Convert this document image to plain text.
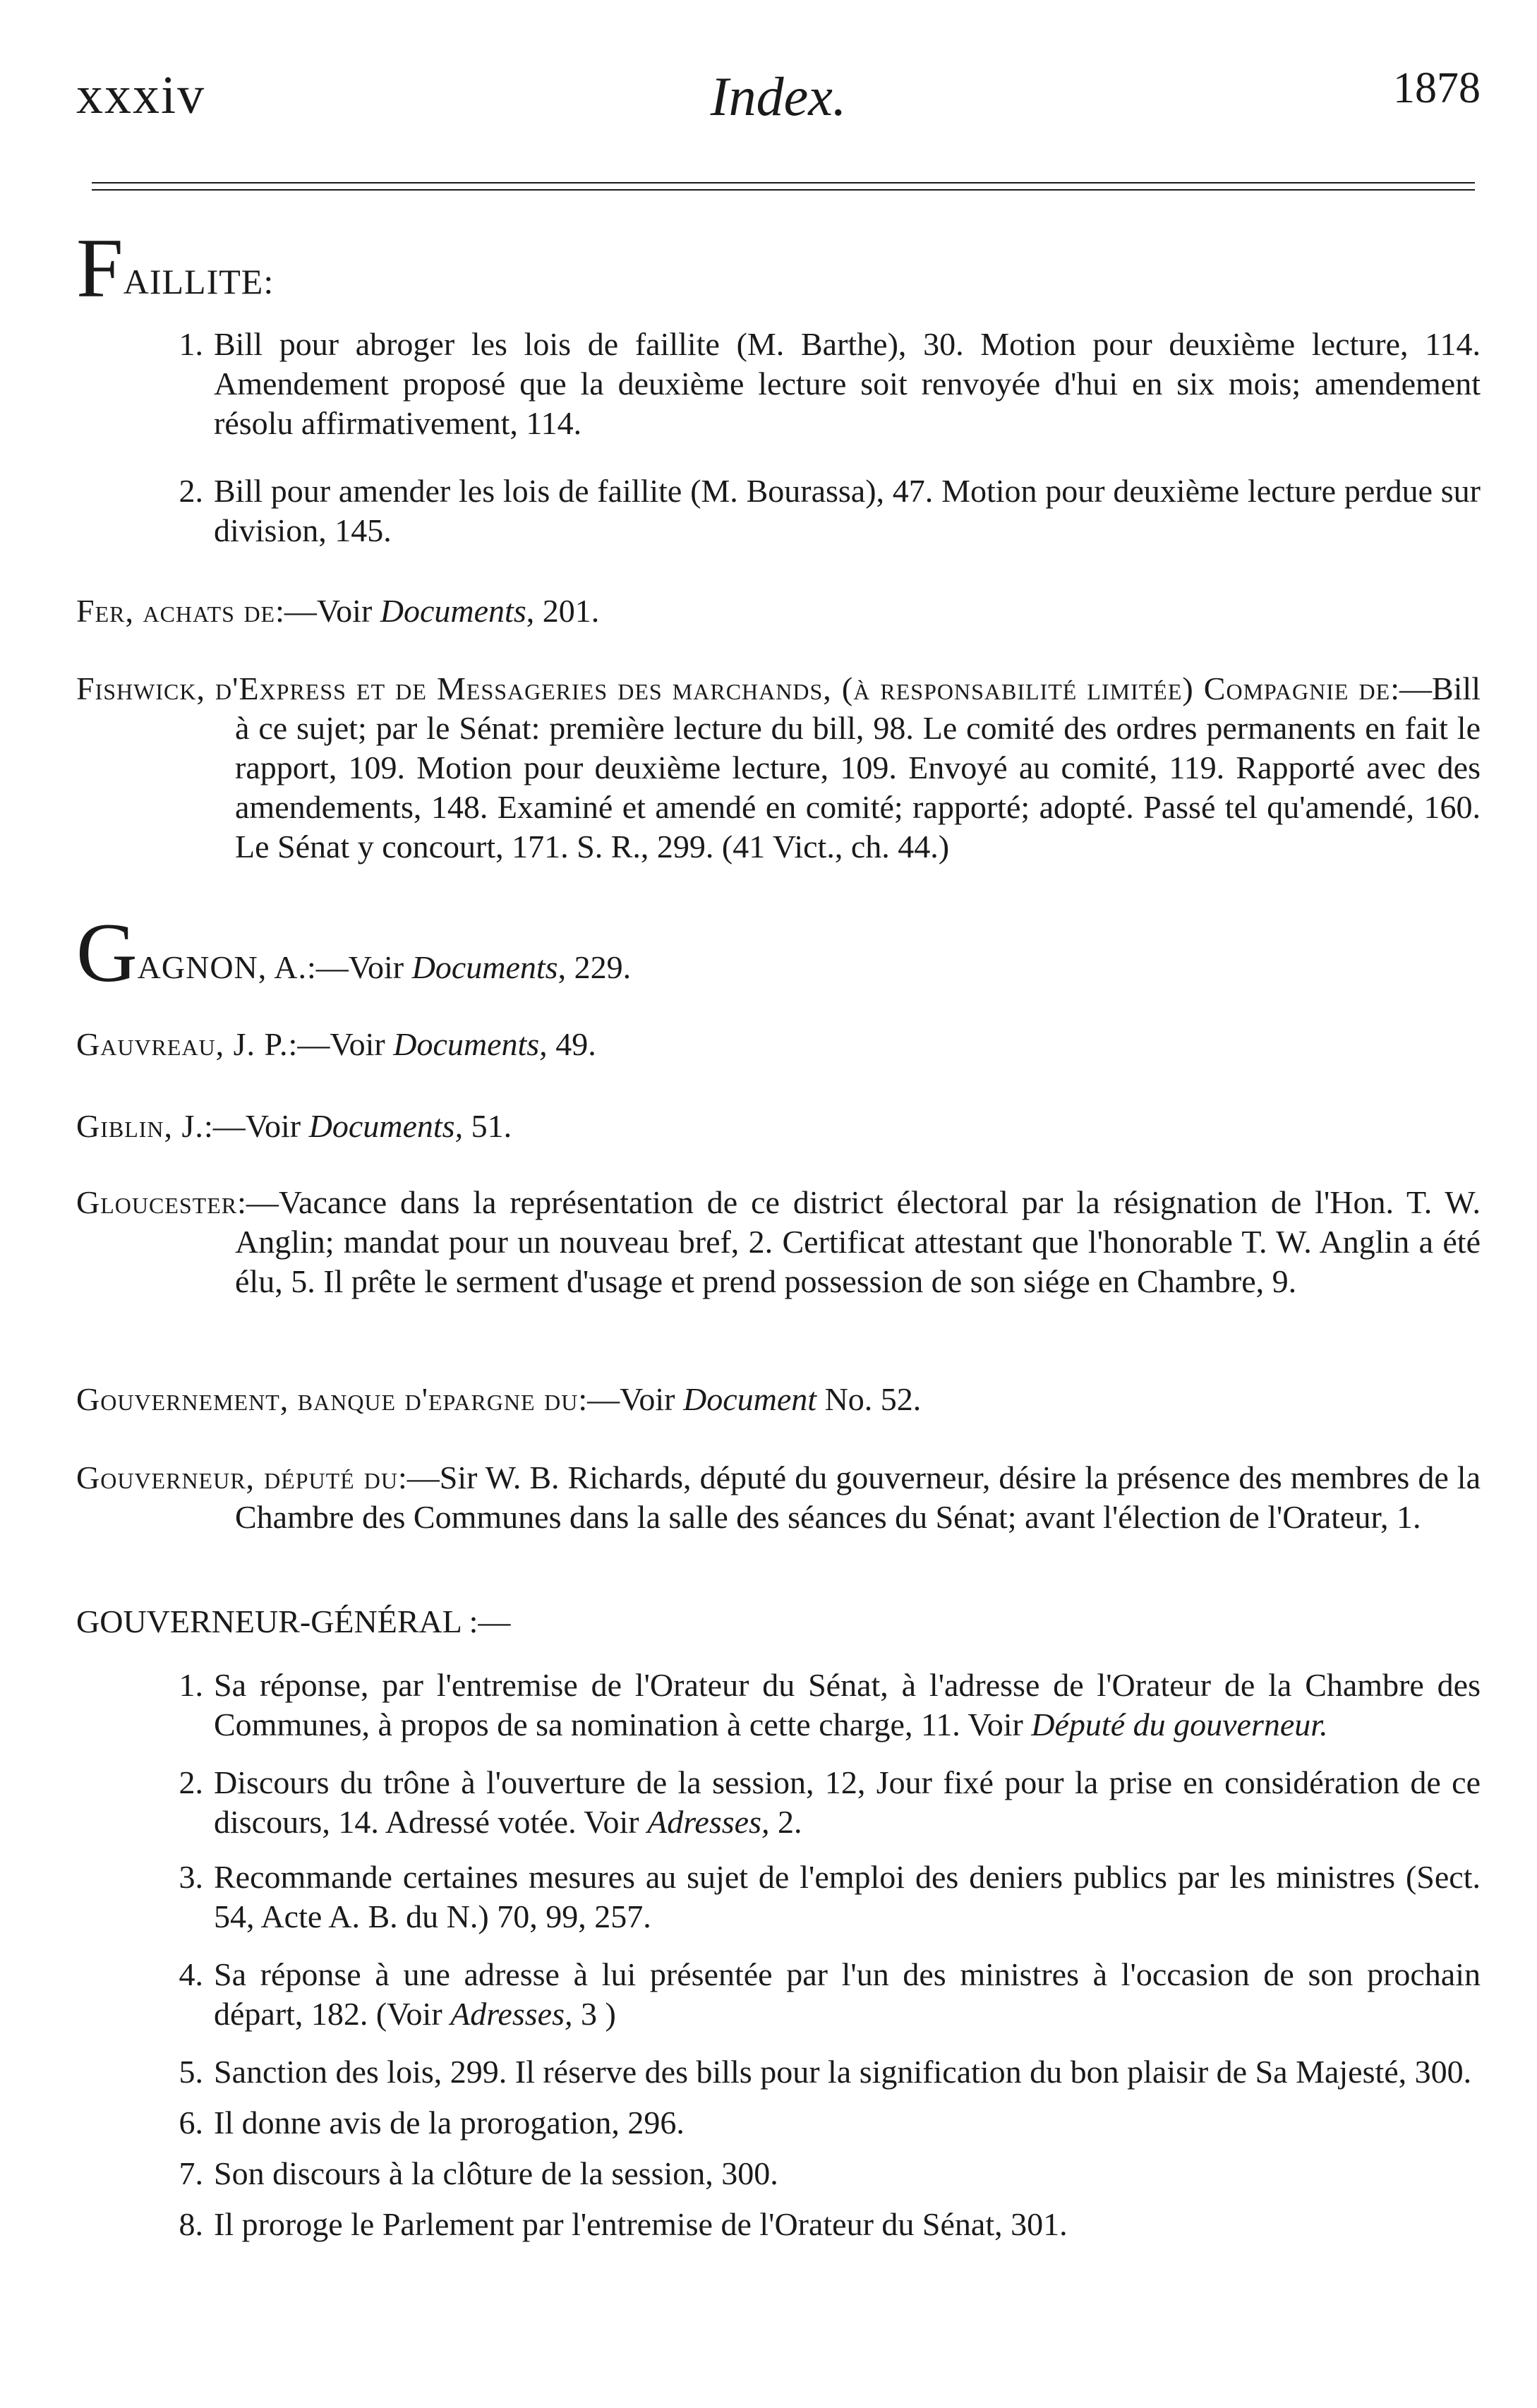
xxxiv	Index.	1878

FAILLITE:

1. Bill pour abroger les lois de faillite (M. Barthe), 30. Motion pour deuxième lecture, 114. Amendement proposé que la deuxième lecture soit renvoyée d'hui en six mois; amendement résolu affirmativement, 114.

2. Bill pour amender les lois de faillite (M. Bourassa), 47. Motion pour deuxième lecture perdue sur division, 145.

Fer, achats de:—Voir Documents, 201.

Fishwick, d'Express et de Messageries des marchands, (à responsabilité limitée) Compagnie de:—Bill à ce sujet; par le Sénat: première lecture du bill, 98. Le comité des ordres permanents en fait le rapport, 109. Motion pour deuxième lecture, 109. Envoyé au comité, 119. Rapporté avec des amendements, 148. Examiné et amendé en comité; rapporté; adopté. Passé tel qu'amendé, 160. Le Sénat y concourt, 171. S. R., 299. (41 Vict., ch. 44.)

GAGNON, A.:—Voir Documents, 229.

Gauvreau, J. P.:—Voir Documents, 49.

Giblin, J.:—Voir Documents, 51.

Gloucester:—Vacance dans la représentation de ce district électoral par la résignation de l'Hon. T. W. Anglin; mandat pour un nouveau bref, 2. Certificat attestant que l'honorable T. W. Anglin a été élu, 5. Il prête le serment d'usage et prend possession de son siége en Chambre, 9.

Gouvernement, banque d'epargne du:—Voir Document No. 52.

Gouverneur, député du:—Sir W. B. Richards, député du gouverneur, désire la présence des membres de la Chambre des Communes dans la salle des séances du Sénat; avant l'élection de l'Orateur, 1.

GOUVERNEUR-GÉNÉRAL :—

1. Sa réponse, par l'entremise de l'Orateur du Sénat, à l'adresse de l'Orateur de la Chambre des Communes, à propos de sa nomination à cette charge, 11. Voir Député du gouverneur.

2. Discours du trône à l'ouverture de la session, 12, Jour fixé pour la prise en considération de ce discours, 14. Adressé votée. Voir Adresses, 2.

3. Recommande certaines mesures au sujet de l'emploi des deniers publics par les ministres (Sect. 54, Acte A. B. du N.) 70, 99, 257.

4. Sa réponse à une adresse à lui présentée par l'un des ministres à l'occasion de son prochain départ, 182. (Voir Adresses, 3 )

5. Sanction des lois, 299. Il réserve des bills pour la signification du bon plaisir de Sa Majesté, 300.

6. Il donne avis de la prorogation, 296.

7. Son discours à la clôture de la session, 300.

8. Il proroge le Parlement par l'entremise de l'Orateur du Sénat, 301.
